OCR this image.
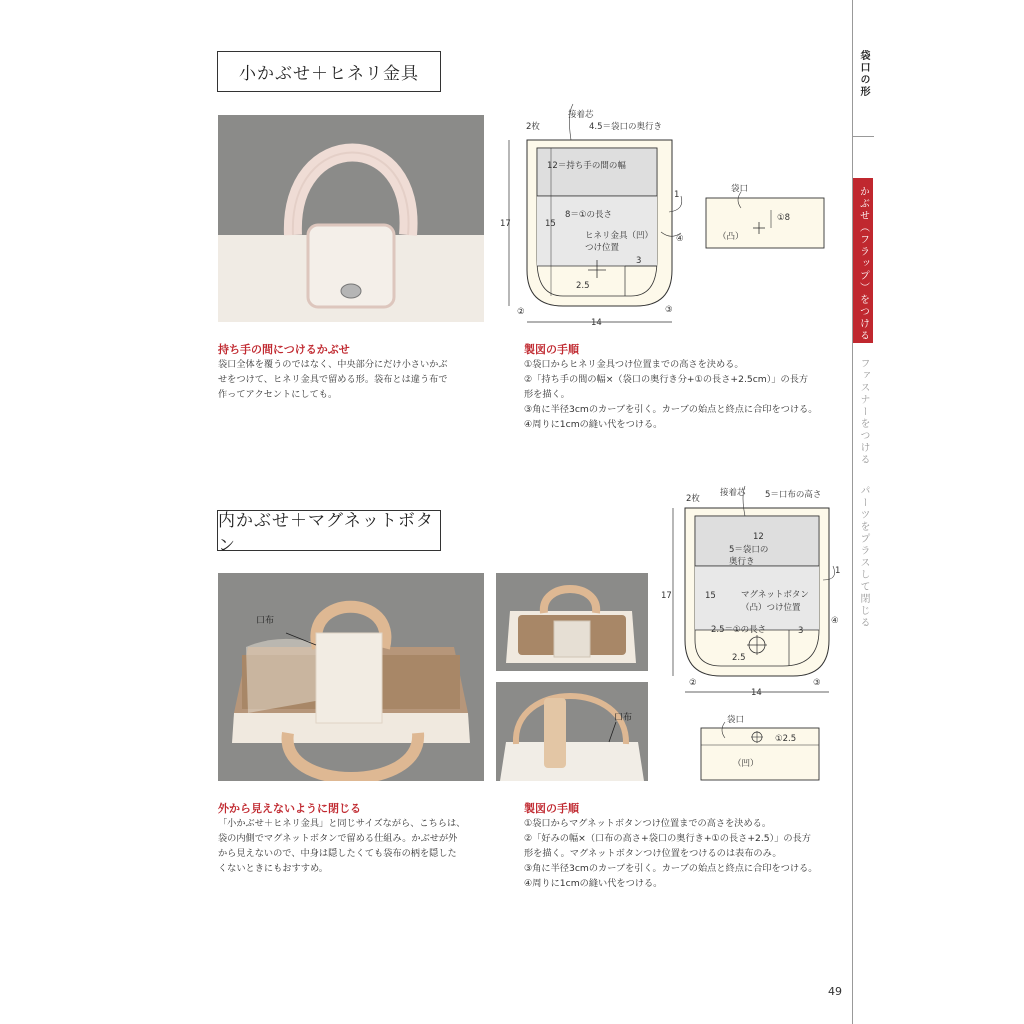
袋口の形
かぶせ（フラップ）をつける
ファスナーをつける
パーツをプラスして閉じる
小かぶせ＋ヒネリ金具
持ち手の間につけるかぶせ

袋口全体を覆うのではなく、中央部分にだけ小さいかぶ

せをつけて、ヒネリ金具で留める形。袋布とは違う布で

作ってアクセントにしても。

製図の手順

①袋口からヒネリ金具つけ位置までの高さを決める。

②「持ち手の間の幅×（袋口の奥行き分+①の長さ+2.5cm）」の長方

形を描く。

③角に半径3cmのカーブを引く。カーブの始点と終点に合印をつける。

④周りに1cmの縫い代をつける。

2枚
接着芯
4.5＝袋口の奥行き
12＝持ち手の間の幅
8＝①の長さ
ヒネリ金具（凹）
つけ位置
17	15
1
3
2.5
14
②	③
④
袋口
①8
（凸）
内かぶせ＋マグネットボタン
口布
口布
外から見えないように閉じる

「小かぶせ＋ヒネリ金具」と同じサイズながら、こちらは、

袋の内側でマグネットボタンで留める仕組み。かぶせが外

から見えないので、中身は隠したくても袋布の柄を隠した

くないときにもおすすめ。

製図の手順

①袋口からマグネットボタンつけ位置までの高さを決める。

②「好みの幅×（口布の高さ+袋口の奥行き+①の長さ+2.5）」の長方

形を描く。マグネットボタンつけ位置をつけるのは表布のみ。

③角に半径3cmのカーブを引く。カーブの始点と終点に合印をつける。

④周りに1cmの縫い代をつける。

2枚
接着芯 5＝口布の高さ
12
5＝袋口の
奥行き
マグネットボタン
（凸）つけ位置
2.5＝①の長さ
17	15
1
3
2.5
14
②	③
④
袋口
①2.5
（凹）
49
